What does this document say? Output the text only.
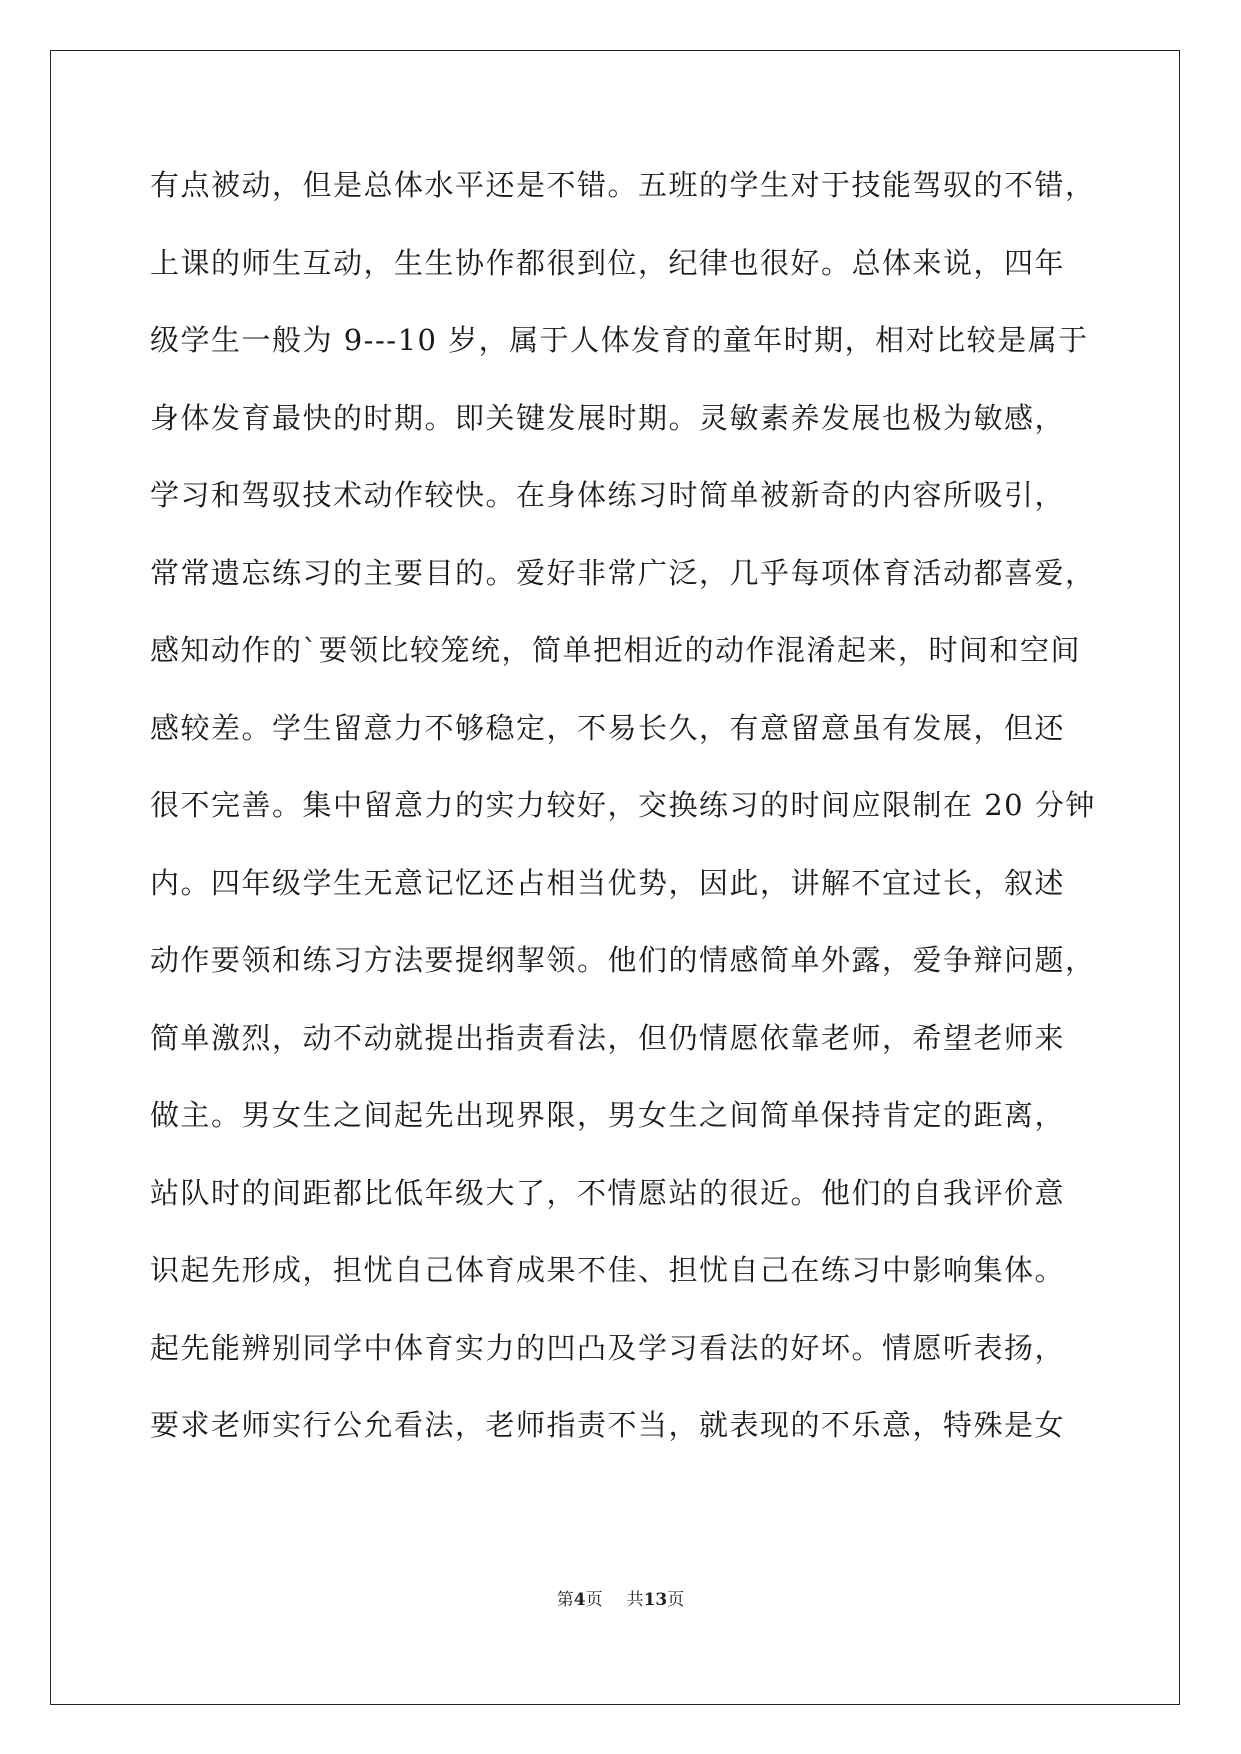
有点被动，但是总体水平还是不错。五班的学生对于技能驾驭的不错，
上课的师生互动，生生协作都很到位，纪律也很好。总体来说，四年
级学生一般为 9---10 岁，属于人体发育的童年时期，相对比较是属于
身体发育最快的时期。即关键发展时期。灵敏素养发展也极为敏感，
学习和驾驭技术动作较快。在身体练习时简单被新奇的内容所吸引，
常常遗忘练习的主要目的。爱好非常广泛，几乎每项体育活动都喜爱，
感知动作的`要领比较笼统，简单把相近的动作混淆起来，时间和空间
感较差。学生留意力不够稳定，不易长久，有意留意虽有发展，但还
很不完善。集中留意力的实力较好，交换练习的时间应限制在 20 分钟
内。四年级学生无意记忆还占相当优势，因此，讲解不宜过长，叙述
动作要领和练习方法要提纲挈领。他们的情感简单外露，爱争辩问题，
简单激烈，动不动就提出指责看法，但仍情愿依靠老师，希望老师来
做主。男女生之间起先出现界限，男女生之间简单保持肯定的距离，
站队时的间距都比低年级大了，不情愿站的很近。他们的自我评价意
识起先形成，担忧自己体育成果不佳、担忧自己在练习中影响集体。
起先能辨别同学中体育实力的凹凸及学习看法的好坏。情愿听表扬，
要求老师实行公允看法，老师指责不当，就表现的不乐意，特殊是女
第4页 共13页
